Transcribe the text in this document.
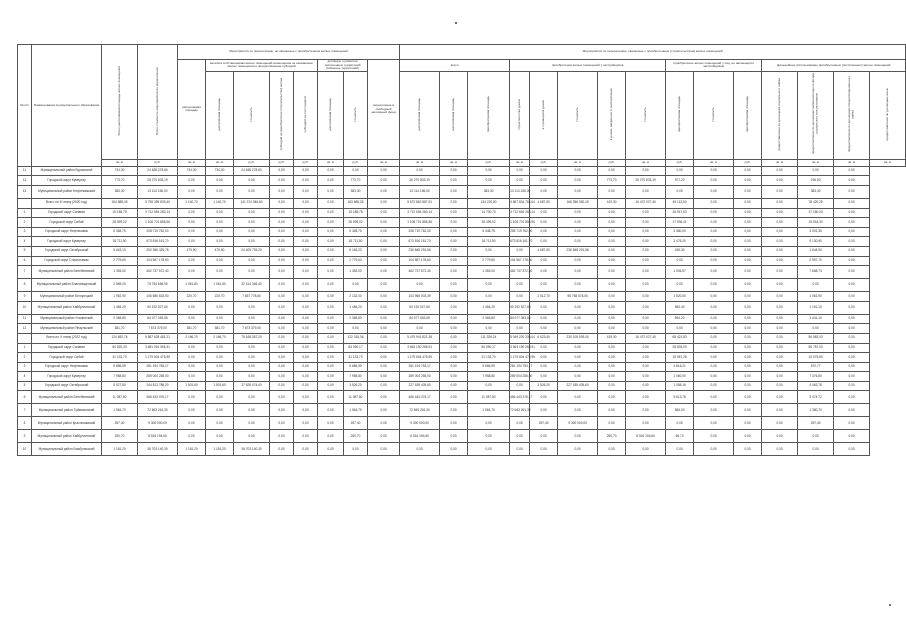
№ п/п	Наименование муниципального образования	Всего расселяемая площадь жилых помещений	Всего стоимость мероприятий по переселению	Мероприятия по переселению, не связанные с приобретением жилых помещений								Мероприятия по переселению, связанные с приобретением (строительством) жилых помещений														
				расселяемая площадь	выплата собственникам жилых помещений возмещения за изымаемые жилые помещения и предоставление субсидий				договоры о развитии застроенных территорий (освоение территорий)		переселение в свободный жилищный фонд	всего			приобретение жилых помещений у застройщиков					приобретение жилых помещений у лиц, не являющихся застройщиком			Дальнейшее использование приобретенных (построенных) жилых помещений			
					расселяемая площадь	стоимость	субсидия на приобретение (строительство) жилья	субсидия за счет средств	расселяемая площадь	стоимость		расселяемая площадь	расселяемая площадь	приобретаемая площадь	строительство домов	в строящихся домах	стоимость	в домах, введенных в эксплуатацию	стоимость	приобретаемая площадь	стоимость	приобретаемая площадь	предоставление по договорам социального найма	предоставление по договорам найма жилищного фонда социального использования	предоставление по договорам специализированного найма	предоставление по договорам мены
		кв. м	руб.	кв. м	кв. м	руб.	руб.	руб.	кв. м	руб.	кв. м	кв. м	кв. м	руб.	кв. м	руб.	кв. м	руб.	кв. м	руб.	кв. м	руб.	кв. м	кв. м	кв. м	кв. м
11	Муниципальный район Бурзянский	734,00	24 638 278,60	734,00	734,00	24 638 278,60	0,00	0,00	0,00	0,00	0,00	0,00	0,00	0,00	0,00	0,00	0,00	0,00	0,00	0,00	0,00	0,00	0,00	0,00	0,00	
12	Городской округ Кумертау	773,70	26 270 833,19	0,00	0,00	0,00	0,00	0,00	0,00	773,70	0,00	26 270 833,19	0,00	0,00	0,00	0,00	0,00	773,70	26 270 833,19	577,20	0,00	0,00	0,00	196,50	0,00	
13	Муниципальный район Нефтекамский	383,30	13 114 156,00	0,00	0,00	0,00	0,00	0,00	0,00	383,30	0,00	13 114 156,00	0,00	383,30	13 114 156,00	0,00	0,00	0,00	0,00	0,00	0,00	0,00	0,00	383,30	0,00	
	Всего по III этапу (2020 год)	164 888,45	5 798 399 835,40	1 140,70	1 140,70	141 374 946,80	0,00	0,00	0,00	163 688,35	0,00	5 672 862 887,91	0,00	134 220,80	4 867 834 764,64	4 687,90	166 356 082,15	419,30	16 472 027,40	45 112,00	0,00	0,00	0,00	78 420,25	0,00	
1	Городской округ Салават	15 188,78	3 712 654 283,14	0,00	0,00	0,00	0,00	0,00	0,00	15 188,78	0,00	3 712 654 283,14	0,00	14 700,70	3 712 654 283,14	0,00	0,00	0,00	0,00	26 917,63	0,00	0,00	0,00	27 180,00	0,00	
2	Городской округ Сибай	28 099,02	1 108 701 856,96	0,00	0,00	0,00	0,00	0,00	0,00	28 099,02	0,00	1 108 701 856,96	0,00	28 499,02	1 108 701 856,96	0,00	0,00	0,00	0,00	17 096,41	0,00	0,00	0,00	15 544,30	0,00	
3	Городской округ Нефтекамск	5 348,75	208 719 762,00	0,00	0,00	0,00	0,00	0,00	0,00	5 348,75	0,00	208 719 762,00	0,00	5 348,75	208 719 762,00	0,00	0,00	0,00	0,00	3 380,00	0,00	0,00	0,00	3 001,35	0,00	
4	Городской округ Кумертау	18 711,50	673 816 161,70	0,00	0,00	0,00	0,00	0,00	0,00	18 711,50	0,00	673 816 161,70	0,00	18 711,50	673 816 161,70	0,00	0,00	0,00	0,00	3 476,20	0,00	0,00	0,00	9 130,90	0,00	
5	Городской округ Октябрьский	5 643,13	252 356 425,78	479,90	479,90	24 409 793,20	0,00	0,00	0,00	5 163,23	0,00	236 848 291,56	0,00	0,00	0,00	4 687,90	236 848 291,56	0,00	0,00	245,30	0,00	0,00	0,00	1 644,90	0,00	
6	Городской округ Стерлитамак	2 779,60	104 567 178,60	0,00	0,00	0,00	0,00	0,00	0,00	2 779,60	0,00	104 567 178,60	0,00	2 779,60	104 567 178,60	0,00	0,00	0,00	0,00	0,00	0,00	0,00	0,00	2 957,70	0,00	
7	Муниципальный район Белебеевский	1 353,00	462 737 572,40	0,00	0,00	0,00	0,00	0,00	0,00	1 353,00	0,00	462 737 572,40	0,00	1 353,00	462 737 572,40	0,00	0,00	0,00	0,00	1 006,57	0,00	0,00	0,00	7 668,73	0,00	
8	Муниципальный район Благовещенский	2 565,00	75 754 656,90	1 061,80	1 061,80	32 414 346,40	0,00	0,00	0,00	0,00	0,00	0,00	0,00	0,00	0,00	0,00	0,00	0,00	0,00	0,00	0,00	0,00	0,00	0,00	0,00	
9	Муниципальный район Белорецкий	1 952,90	106 586 633,50	220,70	220,70	7 657 778,80	0,00	0,00	0,00	2 132,00	0,00	103 966 003,39	0,00	0,00	0,00	2 012,70	98 758 578,05	0,00	0,00	1 520,00	0,00	0,00	0,00	1 563,90	0,00	
10	Муниципальный район Хайбуллинский	1 484,20	50 192 527,60	0,00	0,00	0,00	0,00	0,00	0,00	1 484,20	0,00	50 192 527,60	0,00	1 484,20	50 192 527,60	0,00	0,00	0,00	0,00	563,40	0,00	0,00	0,00	1 191,10	0,00	
11	Муниципальный район Учалинский	2 365,80	84 077 053,55	0,00	0,00	0,00	0,00	0,00	0,00	2 365,80	0,00	84 077 053,55	0,00	2 365,80	84 077 053,55	0,00	0,00	0,00	0,00	594,20	0,00	0,00	0,00	1 431,10	0,00	
12	Муниципальный район Янаульский	381,70	7 673 379,00	381,70	381,70	7 673 379,00	0,00	0,00	0,00	0,00	0,00	0,00	0,00	0,00	0,00	0,00	0,00	0,00	0,00	0,00	0,00	0,00	0,00	0,00	0,00	
	Всего по V этапу (2022 год)	124 692,76	5 587 628 481,21	2 166,70	2 166,70	75 168 367,20	0,00	0,00	0,00	122 318,36	0,00	5 479 941 821,38	0,00	111 326,24	5 049 220 336,04	6 623,40	230 105 093,00	419,30	16 472 027,40	65 421,83	0,00	0,00	0,00	56 583,03	0,00	
1	Городской округ Салават	84 520,33	3 681 016 066,31	0,00	0,00	0,00	0,00	0,00	0,00	84 090,17	0,00	3 663 190 268,91	0,00	84 090,17	3 663 190 268,91	0,00	0,00	0,00	0,00	28 833,00	0,00	0,00	0,00	55 787,03	0,00	
2	Городской округ Сибай	31 133,70	1 179 604 475,95	0,00	0,00	0,00	0,00	0,00	0,00	31 133,70	0,00	1 179 604 475,95	0,00	31 133,70	1 179 604 475,95	0,00	0,00	0,00	0,00	15 967,26	0,00	0,00	0,00	15 075,80	0,00	
3	Городской округ Нефтекамск	5 686,99	281 194 783,17	0,00	0,00	0,00	0,00	0,00	0,00	5 686,99	0,00	281 194 783,17	0,00	5 686,99	281 194 783,17	0,00	0,00	0,00	0,00	4 816,21	0,00	0,00	0,00	870,77	0,00	
4	Городской округ Кумертау	7 958,80	289 004 256,00	0,00	0,00	0,00	0,00	0,00	0,00	7 958,80	0,00	289 004 256,00	0,00	7 958,80	289 004 256,00	0,00	0,00	0,00	0,00	1 060,00	0,00	0,00	0,00	7 376,80	0,00	
5	Городской округ Октябрьский	5 027,80	244 813 788,20	1 501,60	1 501,60	37 628 474,40	0,00	0,00	0,00	3 526,20	0,00	227 185 405,60	0,00	0,00	0,00	3 526,20	227 185 405,60	0,00	0,00	1 058,16	0,00	0,00	0,00	4 463,78	0,00	
6	Муниципальный район Белебеевский	11 087,50	466 443 376,17	0,00	0,00	0,00	0,00	0,00	0,00	11 087,50	0,00	466 443 376,17	0,00	11 087,50	466 443 376,17	0,00	0,00	0,00	0,00	5 613,78	0,00	0,00	0,00	5 474,72	0,00	
7	Муниципальный район Туймазинский	1 964,70	72 663 261,30	0,00	0,00	0,00	0,00	0,00	0,00	1 964,70	0,00	72 663 261,30	0,00	1 964,70	72 663 261,30	0,00	0,00	0,00	0,00	584,00	0,00	0,00	0,00	1 380,70	0,00	
8	Муниципальный район Краснокамский	257,40	9 300 000,00	0,00	0,00	0,00	0,00	0,00	0,00	257,40	0,00	9 300 000,00	0,00	0,00	0,00	257,40	9 300 000,00	0,00	0,00	0,00	0,00	0,00	0,00	257,40	0,00	
9	Муниципальный район Хайбуллинский	250,70	8 516 194,60	0,00	0,00	0,00	0,00	0,00	0,00	250,70	0,00	8 516 194,60	0,00	0,00	0,00	0,00	0,00	250,70	8 516 194,60	66,70	0,00	0,00	0,00	0,00	0,00	
10	Муниципальный район Бижбулякский	1 181,20	36 703 140,30	1 181,20	1 181,20	36 703 140,30	0,00	0,00	0,00	0,00	0,00	0,00	0,00	0,00	0,00	0,00	0,00	0,00	0,00	0,00	0,00	0,00	0,00	0,00	0,00	
